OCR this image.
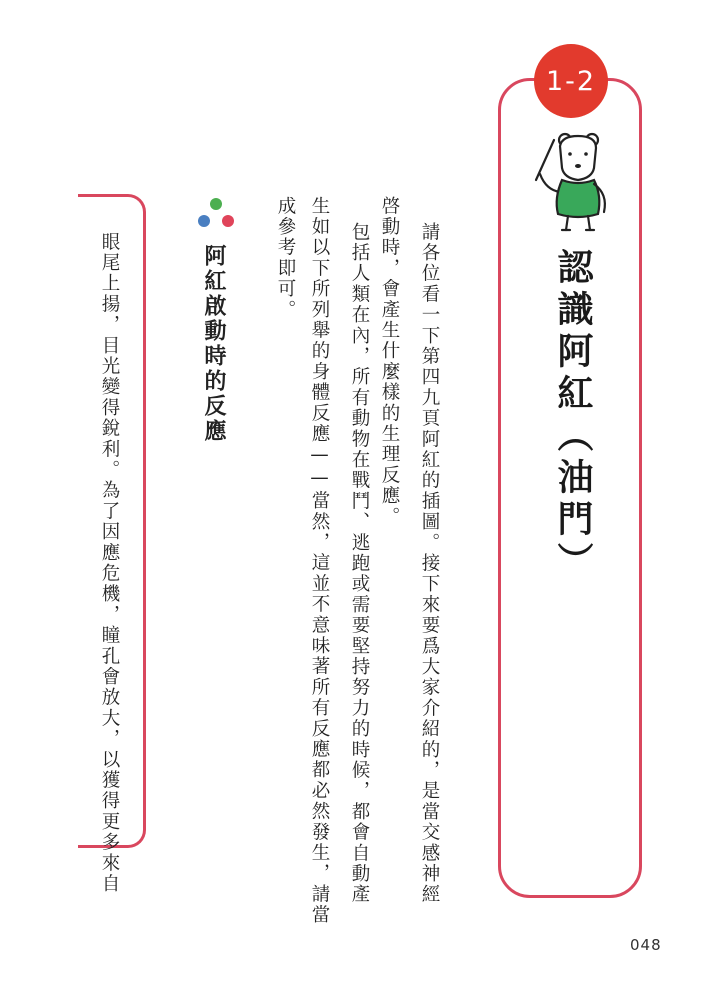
1-2
認識阿紅（油門）
請各位看一下第四九頁阿紅的插圖。接下來要爲大家介紹的，是當交感神經
啓動時，會產生什麼樣的生理反應。
包括人類在內，所有動物在戰鬥、逃跑或需要堅持努力的時候，都會自動產
生如以下所列舉的身體反應——當然，這並不意味著所有反應都必然發生，請當
成參考即可。
阿紅啟動時的反應
眼尾上揚，目光變得銳利。為了因應危機，瞳孔會放大，以獲得更多來自
048
